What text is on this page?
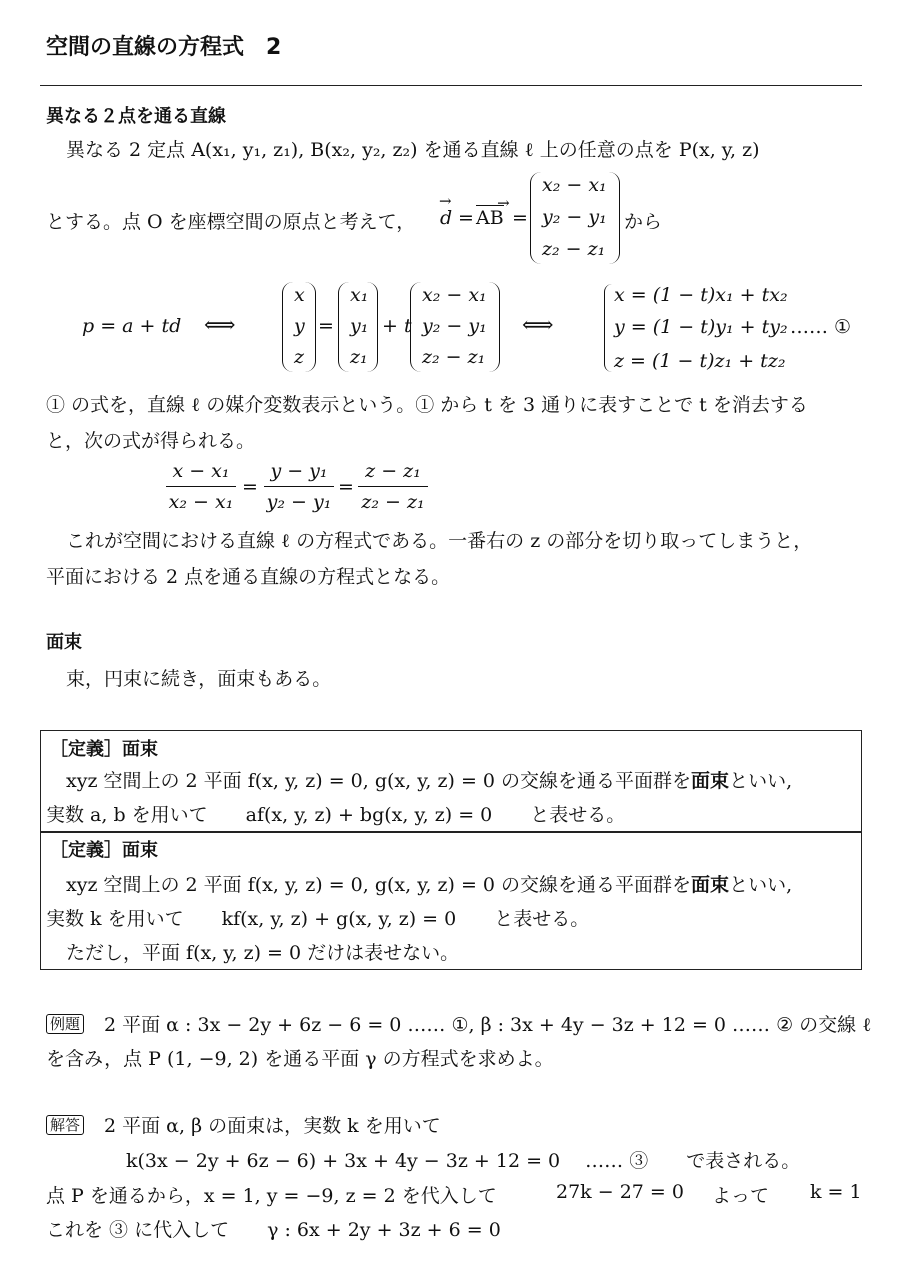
空間の直線の方程式　2
異なる２点を通る直線
異なる 2 定点 A(x₁, y₁, z₁), B(x₂, y₂, z₂) を通る直線 ℓ 上の任意の点を P(x, y, z)
とする。点 O を座標空間の原点と考えて，
→ d = AB → =
x₂ − x₁
y₂ − y₁
z₂ − z₁
から
p = a + td ⟺
x
y
z
=
x₁
y₁
z₁
+ t
x₂ − x₁
y₂ − y₁
z₂ − z₁
⟺
x = (1 − t)x₁ + tx₂
y = (1 − t)y₁ + ty₂
z = (1 − t)z₁ + tz₂
…… ①
① の式を，直線 ℓ の媒介変数表示という。① から t を 3 通りに表すことで t を消去する
と，次の式が得られる。
x − x₁
x₂ − x₁
=
y − y₁
y₂ − y₁
=
z − z₁
z₂ − z₁
これが空間における直線 ℓ の方程式である。一番右の z の部分を切り取ってしまうと，
平面における 2 点を通る直線の方程式となる。
面束
束，円束に続き，面束もある。
［定義］面束
xyz 空間上の 2 平面 f(x, y, z) = 0, g(x, y, z) = 0 の交線を通る平面群を面束といい,
実数 a, b を用いて　　af(x, y, z) + bg(x, y, z) = 0　　と表せる。
［定義］面束
xyz 空間上の 2 平面 f(x, y, z) = 0, g(x, y, z) = 0 の交線を通る平面群を面束といい,
実数 k を用いて　　kf(x, y, z) + g(x, y, z) = 0　　と表せる。
ただし，平面 f(x, y, z) = 0 だけは表せない。
例題 2 平面 α : 3x − 2y + 6z − 6 = 0 …… ①, β : 3x + 4y − 3z + 12 = 0 …… ② の交線 ℓ
を含み，点 P (1, −9, 2) を通る平面 γ の方程式を求めよ。
解答 2 平面 α, β の面束は，実数 k を用いて
k(3x − 2y + 6z − 6) + 3x + 4y − 3z + 12 = 0　 …… ③　　で表される。
点 P を通るから，x = 1, y = −9, z = 2 を代入して	27k − 27 = 0 よって k = 1
これを ③ に代入して　　γ : 6x + 2y + 3z + 6 = 0
